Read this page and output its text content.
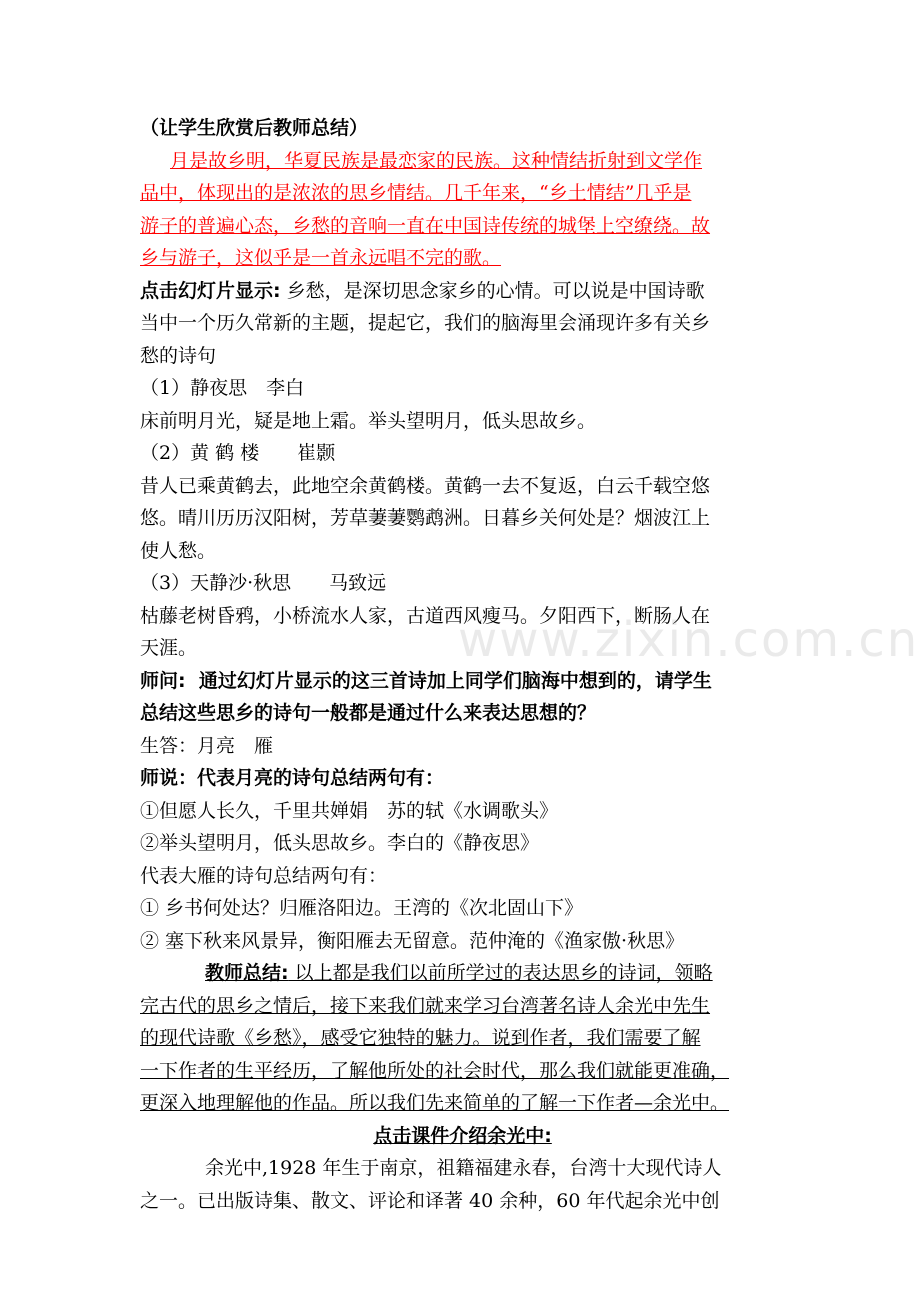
www.zixin.com.cn
（让学生欣赏后教师总结）
月是故乡明，华夏民族是最恋家的民族。这种情结折射到文学作
品中，体现出的是浓浓的思乡情结。几千年来，“乡土情结”几乎是
游子的普遍心态，乡愁的音响一直在中国诗传统的城堡上空缭绕。故
乡与游子，这似乎是一首永远唱不完的歌。
点击幻灯片显示: 乡愁，是深切思念家乡的心情。可以说是中国诗歌
当中一个历久常新的主题，提起它，我们的脑海里会涌现许多有关乡
愁的诗句
（1）静夜思　李白
床前明月光，疑是地上霜。举头望明月，低头思故乡。
（2）黄 鹤 楼　　崔颢
昔人已乘黄鹤去，此地空余黄鹤楼。黄鹤一去不复返，白云千载空悠
悠。晴川历历汉阳树，芳草萋萋鹦鹉洲。日暮乡关何处是？烟波江上
使人愁。
（3）天静沙·秋思　　马致远
枯藤老树昏鸦，小桥流水人家，古道西风瘦马。夕阳西下，断肠人在
天涯。
师问:  通过幻灯片显示的这三首诗加上同学们脑海中想到的，请学生
总结这些思乡的诗句一般都是通过什么来表达思想的？
生答：月亮　雁
师说：代表月亮的诗句总结两句有：
①但愿人长久，千里共婵娟　苏的轼《水调歌头》
②举头望明月，低头思故乡。李白的《静夜思》
代表大雁的诗句总结两句有：
① 乡书何处达？归雁洛阳边。王湾的《次北固山下》
② 塞下秋来风景异，衡阳雁去无留意。范仲淹的《渔家傲·秋思》
教师总结: 以上都是我们以前所学过的表达思乡的诗词，领略
完古代的思乡之情后，接下来我们就来学习台湾著名诗人余光中先生
的现代诗歌《乡愁》，感受它独特的魅力。说到作者，我们需要了解
一下作者的生平经历，了解他所处的社会时代，那么我们就能更准确，
更深入地理解他的作品。所以我们先来简单的了解一下作者—余光中。
点击课件介绍余光中:
余光中,1928 年生于南京，祖籍福建永春，台湾十大现代诗人
之一。已出版诗集、散文、评论和译著 40 余种，60 年代起余光中创
